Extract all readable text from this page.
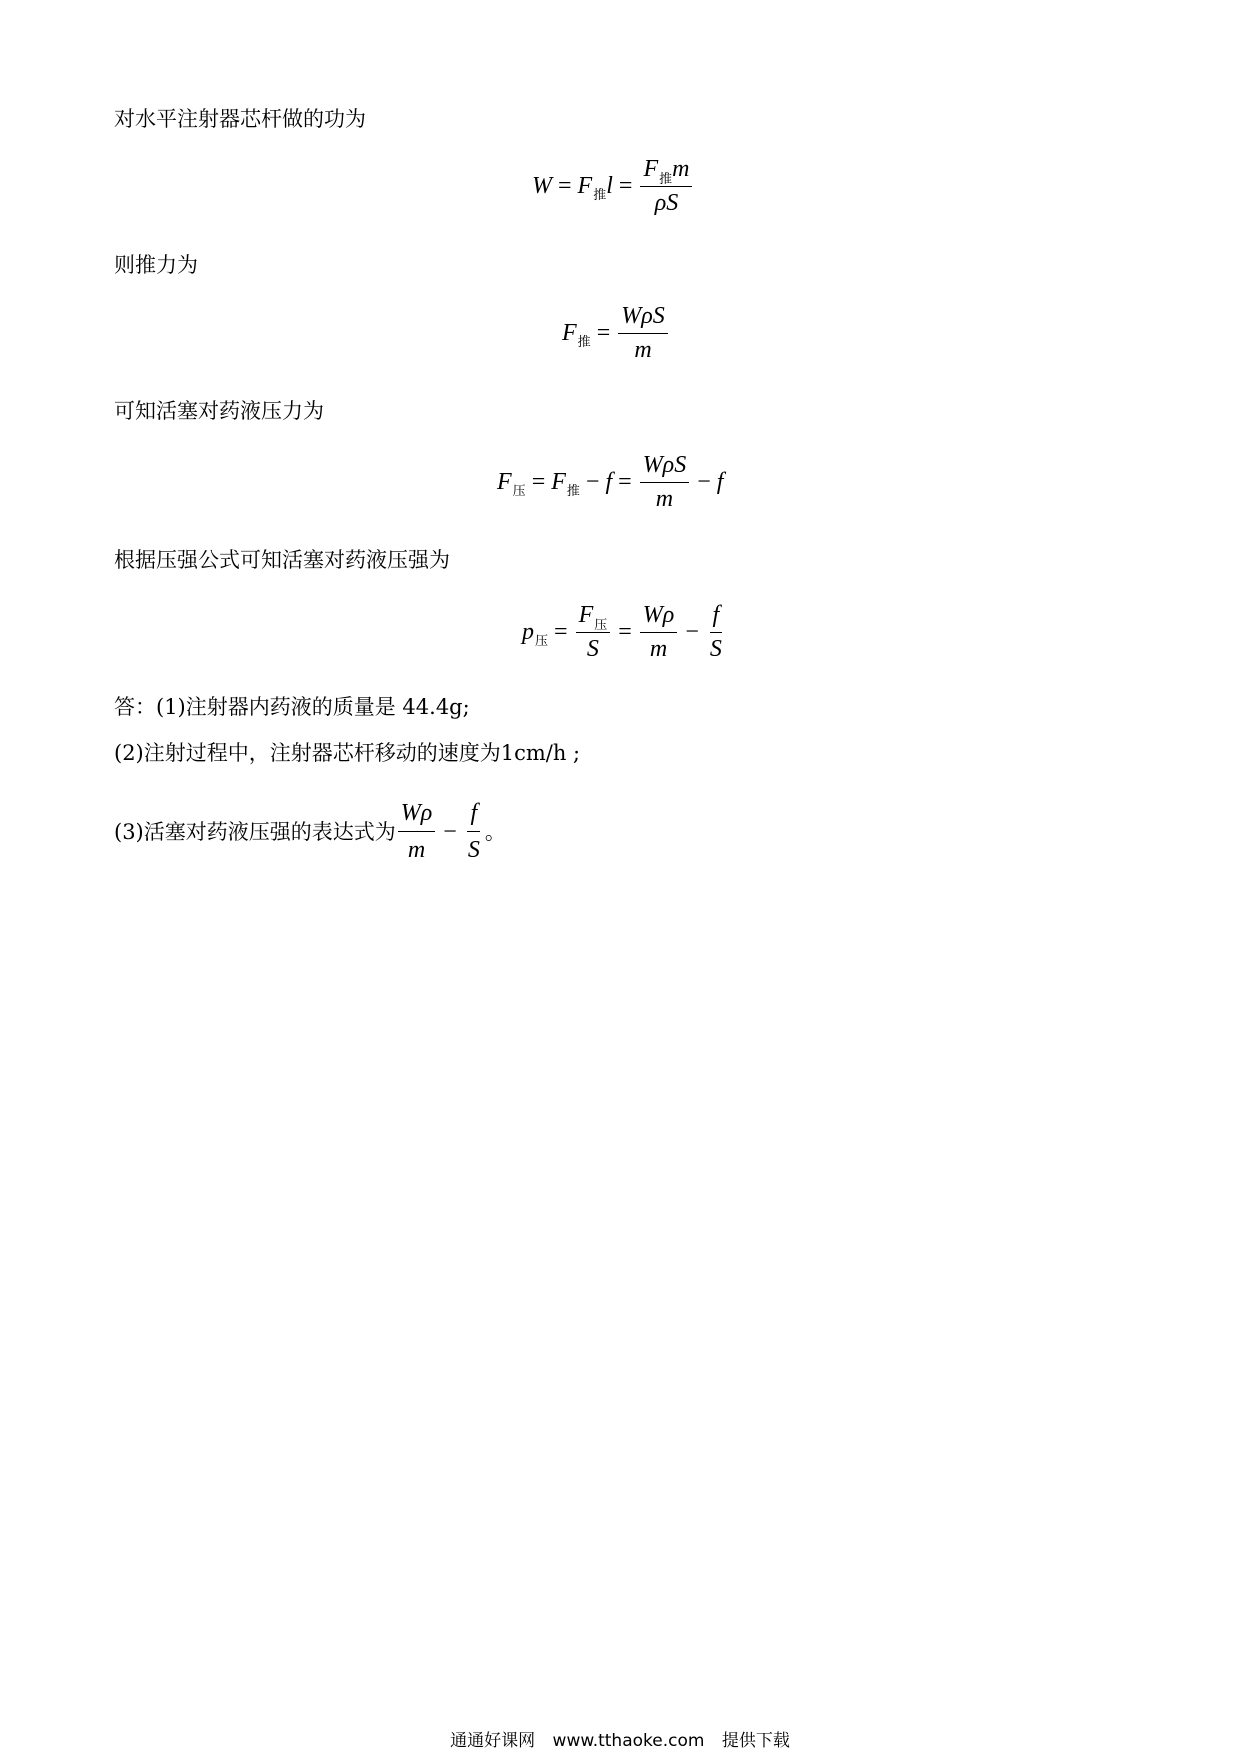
对水平注射器芯杆做的功为
W = F 推 $l = \frac{F_推m}{\rho S}$
则推力为
F 推 = $\frac{\text{WρS}}{m}$
可知活塞对药液压力为
F 压 = F 推 − $f = \frac{\text{WρS}}{m} - f$
根据压强公式可知活塞对药液压强为
p 压 = $\frac{F_压}{S} = \frac{W\rho}{m} - \frac{f}{S}$
答：(1)注射器内药液的质量是 44.4g;
(2)注射过程中，注射器芯杆移动的速度为1cm/h ;
(3)活塞对药液压强的表达式为 $\frac{W\rho}{m} - \frac{f}{S}$ 。
通通好课网 www.tthaoke.com 提供下载
